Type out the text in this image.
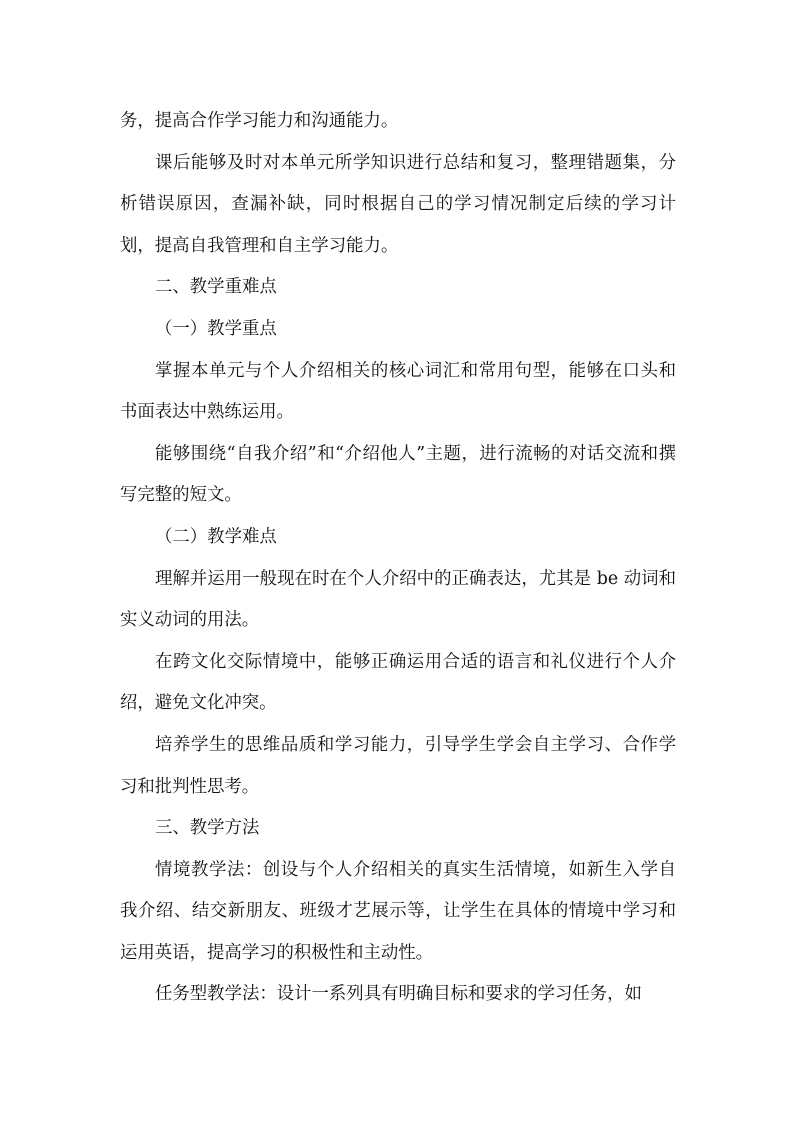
务，提高合作学习能力和沟通能力。

课后能够及时对本单元所学知识进行总结和复习，整理错题集，分析错误原因，查漏补缺，同时根据自己的学习情况制定后续的学习计划，提高自我管理和自主学习能力。

二、教学重难点

（一）教学重点

掌握本单元与个人介绍相关的核心词汇和常用句型，能够在口头和书面表达中熟练运用。

能够围绕“自我介绍”和“介绍他人”主题，进行流畅的对话交流和撰写完整的短文。

（二）教学难点

理解并运用一般现在时在个人介绍中的正确表达，尤其是 be 动词和实义动词的用法。

在跨文化交际情境中，能够正确运用合适的语言和礼仪进行个人介绍，避免文化冲突。

培养学生的思维品质和学习能力，引导学生学会自主学习、合作学习和批判性思考。

三、教学方法

情境教学法：创设与个人介绍相关的真实生活情境，如新生入学自我介绍、结交新朋友、班级才艺展示等，让学生在具体的情境中学习和运用英语，提高学习的积极性和主动性。

任务型教学法：设计一系列具有明确目标和要求的学习任务，如
